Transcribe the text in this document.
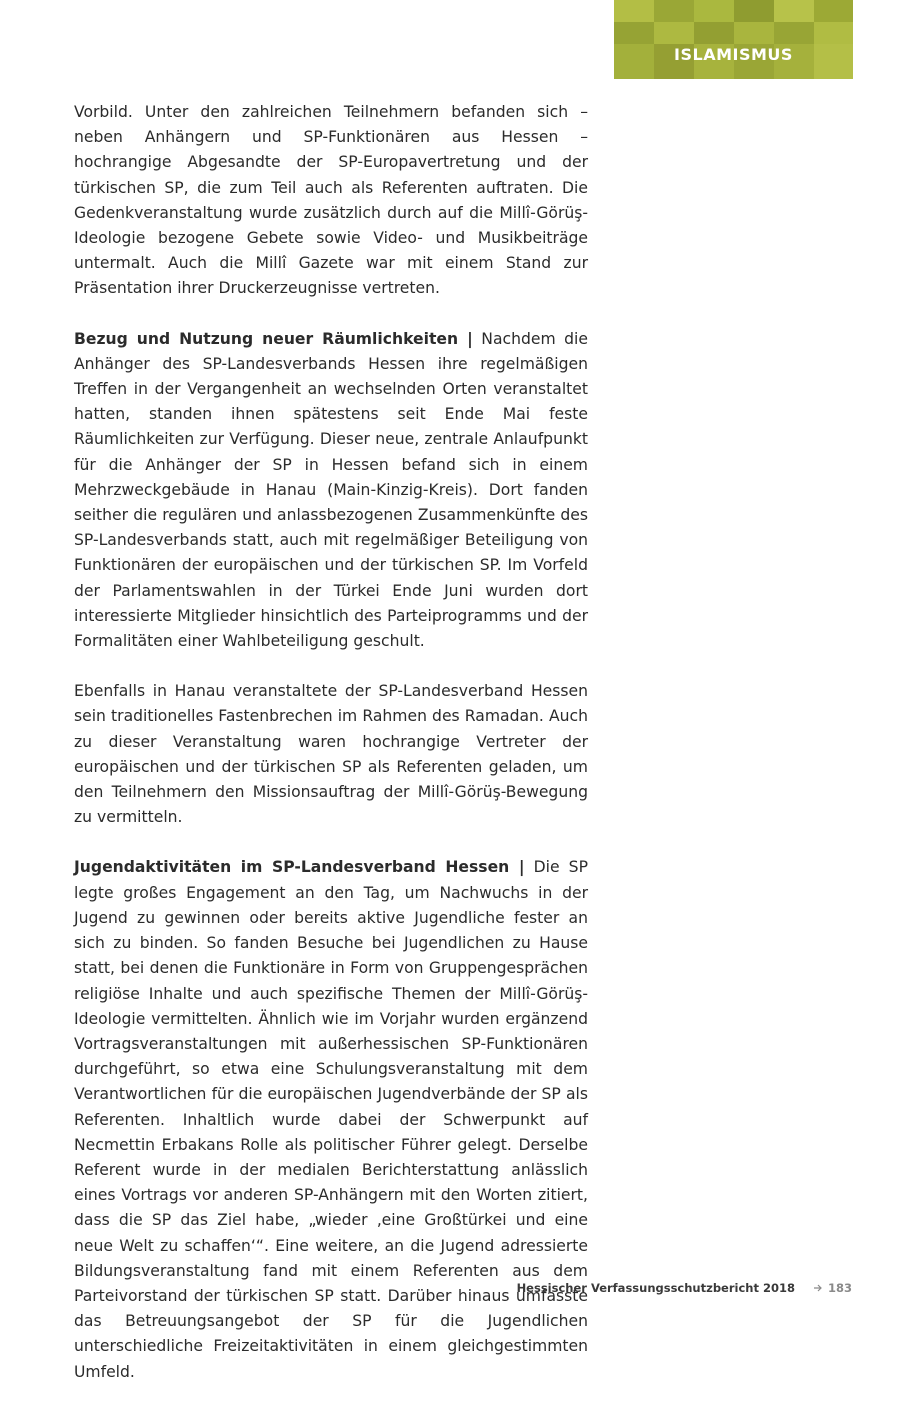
ISLAMISMUS

Vorbild. Unter den zahlreichen Teilnehmern befanden sich – neben Anhängern und SP-Funktionären aus Hessen – hochrangige Abgesandte der SP-Europavertretung und der türkischen SP, die zum Teil auch als Referenten auftraten. Die Gedenkveranstaltung wurde zusätzlich durch auf die Millî-Görüş-Ideologie bezogene Gebete sowie Video- und Musikbeiträge untermalt. Auch die Millî Gazete war mit einem Stand zur Präsentation ihrer Druckerzeugnisse vertreten.

Bezug und Nutzung neuer Räumlichkeiten | Nachdem die Anhänger des SP-Landesverbands Hessen ihre regelmäßigen Treffen in der Vergangenheit an wechselnden Orten veranstaltet hatten, standen ihnen spätestens seit Ende Mai feste Räumlichkeiten zur Verfügung. Dieser neue, zentrale Anlaufpunkt für die Anhänger der SP in Hessen befand sich in einem Mehrzweckgebäude in Hanau (Main-Kinzig-Kreis). Dort fanden seither die regulären und anlassbezogenen Zusammenkünfte des SP-Landesverbands statt, auch mit regelmäßiger Beteiligung von Funktionären der europäischen und der türkischen SP. Im Vorfeld der Parlamentswahlen in der Türkei Ende Juni wurden dort interessierte Mitglieder hinsichtlich des Parteiprogramms und der Formalitäten einer Wahlbeteiligung geschult.

Ebenfalls in Hanau veranstaltete der SP-Landesverband Hessen sein traditionelles Fastenbrechen im Rahmen des Ramadan. Auch zu dieser Veranstaltung waren hochrangige Vertreter der europäischen und der türkischen SP als Referenten geladen, um den Teilnehmern den Missionsauftrag der Millî-Görüş-Bewegung zu vermitteln.

Jugendaktivitäten im SP-Landesverband Hessen | Die SP legte großes Engagement an den Tag, um Nachwuchs in der Jugend zu gewinnen oder bereits aktive Jugendliche fester an sich zu binden. So fanden Besuche bei Jugendlichen zu Hause statt, bei denen die Funktionäre in Form von Gruppengesprächen religiöse Inhalte und auch spezifische Themen der Millî-Görüş-Ideologie vermittelten. Ähnlich wie im Vorjahr wurden ergänzend Vortragsveranstaltungen mit außerhessischen SP-Funktionären durchgeführt, so etwa eine Schulungsveranstaltung mit dem Verantwortlichen für die europäischen Jugendverbände der SP als Referenten. Inhaltlich wurde dabei der Schwerpunkt auf Necmettin Erbakans Rolle als politischer Führer gelegt. Derselbe Referent wurde in der medialen Berichterstattung anlässlich eines Vortrags vor anderen SP-Anhängern mit den Worten zitiert, dass die SP das Ziel habe, „wieder ‚eine Großtürkei und eine neue Welt zu schaffen‘“. Eine weitere, an die Jugend adressierte Bildungsveranstaltung fand mit einem Referenten aus dem Parteivorstand der türkischen SP statt. Darüber hinaus umfasste das Betreuungsangebot der SP für die Jugendlichen unterschiedliche Freizeitaktivitäten in einem gleichgestimmten Umfeld.

Hessischer Verfassungsschutzbericht 2018	183
